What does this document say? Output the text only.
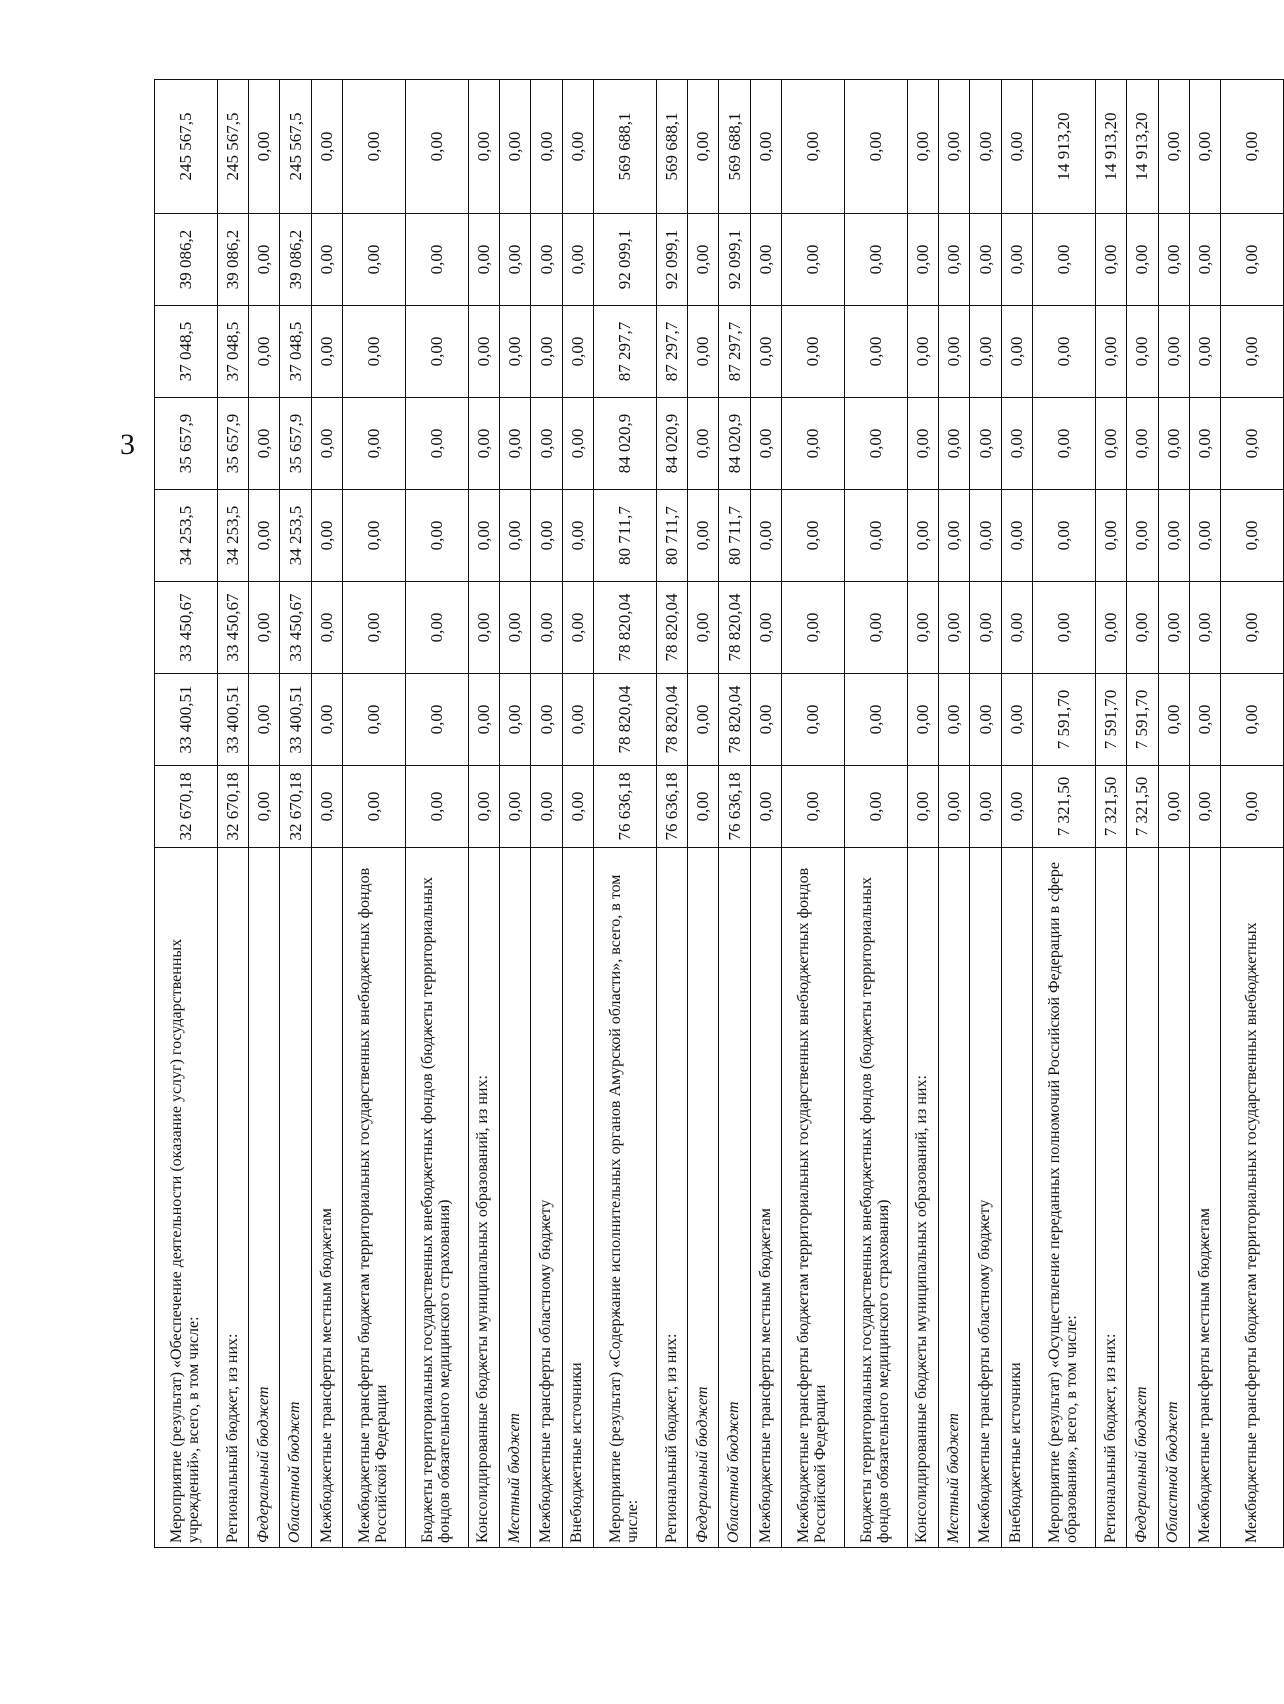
3
Мероприятие (результат) «Обеспечение деятельности (оказание услуг) государственных учреждений», всего, в том числе:	32 670,18	33 400,51	33 450,67	34 253,5	35 657,9	37 048,5	39 086,2	245 567,5
Региональный бюджет, из них:	32 670,18	33 400,51	33 450,67	34 253,5	35 657,9	37 048,5	39 086,2	245 567,5
Федеральный бюджет	0,00	0,00	0,00	0,00	0,00	0,00	0,00	0,00
Областной бюджет	32 670,18	33 400,51	33 450,67	34 253,5	35 657,9	37 048,5	39 086,2	245 567,5
Межбюджетные трансферты местным бюджетам	0,00	0,00	0,00	0,00	0,00	0,00	0,00	0,00
Межбюджетные трансферты бюджетам территориальных государственных внебюджетных фондов Российской Федерации	0,00	0,00	0,00	0,00	0,00	0,00	0,00	0,00
Бюджеты территориальных государственных внебюджетных фондов (бюджеты территориальных фондов обязательного медицинского страхования)	0,00	0,00	0,00	0,00	0,00	0,00	0,00	0,00
Консолидированные бюджеты муниципальных образований, из них:	0,00	0,00	0,00	0,00	0,00	0,00	0,00	0,00
Местный бюджет	0,00	0,00	0,00	0,00	0,00	0,00	0,00	0,00
Межбюджетные трансферты областному бюджету	0,00	0,00	0,00	0,00	0,00	0,00	0,00	0,00
Внебюджетные источники	0,00	0,00	0,00	0,00	0,00	0,00	0,00	0,00
Мероприятие (результат) «Содержание исполнительных органов Амурской области», всего, в том числе:	76 636,18	78 820,04	78 820,04	80 711,7	84 020,9	87 297,7	92 099,1	569 688,1
Региональный бюджет, из них:	76 636,18	78 820,04	78 820,04	80 711,7	84 020,9	87 297,7	92 099,1	569 688,1
Федеральный бюджет	0,00	0,00	0,00	0,00	0,00	0,00	0,00	0,00
Областной бюджет	76 636,18	78 820,04	78 820,04	80 711,7	84 020,9	87 297,7	92 099,1	569 688,1
Межбюджетные трансферты местным бюджетам	0,00	0,00	0,00	0,00	0,00	0,00	0,00	0,00
Межбюджетные трансферты бюджетам территориальных государственных внебюджетных фондов Российской Федерации	0,00	0,00	0,00	0,00	0,00	0,00	0,00	0,00
Бюджеты территориальных государственных внебюджетных фондов (бюджеты территориальных фондов обязательного медицинского страхования)	0,00	0,00	0,00	0,00	0,00	0,00	0,00	0,00
Консолидированные бюджеты муниципальных образований, из них:	0,00	0,00	0,00	0,00	0,00	0,00	0,00	0,00
Местный бюджет	0,00	0,00	0,00	0,00	0,00	0,00	0,00	0,00
Межбюджетные трансферты областному бюджету	0,00	0,00	0,00	0,00	0,00	0,00	0,00	0,00
Внебюджетные источники	0,00	0,00	0,00	0,00	0,00	0,00	0,00	0,00
Мероприятие (результат) «Осуществление переданных полномочий Российской Федерации в сфере образования», всего, в том числе:	7 321,50	7 591,70	0,00	0,00	0,00	0,00	0,00	14 913,20
Региональный бюджет, из них:	7 321,50	7 591,70	0,00	0,00	0,00	0,00	0,00	14 913,20
Федеральный бюджет	7 321,50	7 591,70	0,00	0,00	0,00	0,00	0,00	14 913,20
Областной бюджет	0,00	0,00	0,00	0,00	0,00	0,00	0,00	0,00
Межбюджетные трансферты местным бюджетам	0,00	0,00	0,00	0,00	0,00	0,00	0,00	0,00
Межбюджетные трансферты бюджетам территориальных государственных внебюджетных	0,00	0,00	0,00	0,00	0,00	0,00	0,00	0,00
